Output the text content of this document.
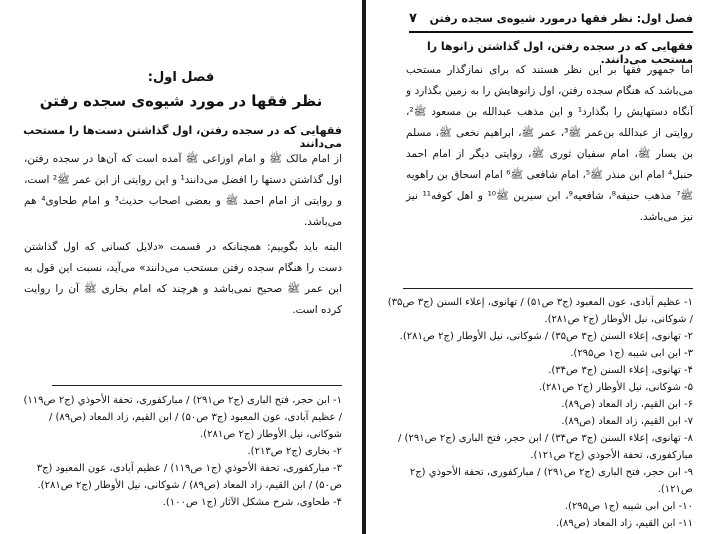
فصل اول:
نظر فقها در مورد شیوه‌ی سجده رفتن
فقهایی که در سجده رفتن، اول گذاشتن دست‌ها را مستحب می‌دانند

از امام مالک ﷺ و امام اوزاعی ﷺ آمده است که آن‌ها در سجده رفتن، اول گذاشتن دستها را افضل می‌دانند¹ و این روایتی از ابن عمر ﷺ² است، و روایتی از امام احمد ﷺ و بعضی اصحاب حدیث³ و امام طحاوی⁴ هم می‌باشد.

البته باید بگوییم: همچنانکه در قسمت «دلایل کسانی که اول گذاشتن دست را هنگام سجده رفتن مستحب می‌دانند» می‌آید، نسبت این قول به ابن عمر ﷺ صحیح نمی‌باشد و هرچند که امام بخاری ﷺ آن را روایت کرده است.

۱- ابن حجر، فتح الباری (ج۲ ص۲۹۱) / مبارکفوری، تحفة الأحوذي (ج۲ ص۱۱۹) / عظیم آبادی، عون المعبود (ج۳ ص۵۰) / ابن القیم، زاد المعاد (ص۸۹) / شوکانی، نیل الأوطار (ج۲ ص۲۸۱).

۲- بخاری (ج۲ ص۲۱۳).

۳- مبارکفوری، تحفة الأحوذي (ج۱ ص۱۱۹) / عظیم آبادی، عون المعبود (ج۳ ص۵۰) / ابن القیم، زاد المعاد (ص۸۹) / شوکانی، نیل الأوطار (ج۲ ص۲۸۱).

۴- طحاوی، شرح مشکل الآثار (ج۱ ص۱۰۰).

فصل اول: نظر فقها درمورد شیوه‌ی سجده رفتن
۷
فقهایی که در سجده رفتن، اول گذاشتن زانوها را مستحب می‌دانند.

اما جمهور فقها بر این نظر هستند که برای نمازگذار مستحب می‌باشد که هنگام سجده رفتن، اول زانوهایش را به زمین بگذارد و آنگاه دستهایش را بگذارد¹ و این مذهب عبدالله بن مسعود ﷺ²، روایتی از عبدالله بن‌عمر ﷺ³، عمر ﷺ، ابراهیم نخعی ﷺ، مسلم بن یسار ﷺ، امام سفیان ثوری ﷺ، روایتی دیگر از امام احمد حنبل⁴ امام ابن منذر ﷺ⁵، امام شافعی ﷺ⁶ امام اسحاق بن راهویه ﷺ⁷ مذهب حنیفه⁸، شافعیه⁹، ابن سیرین ﷺ¹⁰ و اهل کوفه¹¹ نیز نیز می‌باشد.

۱- عظیم آبادی، عون المعبود (ج۳ ص۵۱) / تهانوی، إعلاء السنن (ج۳ ص۳۵) / شوکانی، نیل الأوطار (ج۲ ص۲۸۱).

۲- تهانوی، إعلاء السنن (ج۳ ص۳۵) / شوکانی، نیل الأوطار (ج۲ ص۲۸۱).

۳- ابن ابی شیبه (ج۱ ص۲۹۵).

۴- تهانوی، إعلاء السنن (ج۳ ص۳۴).

۵- شوکانی، نیل الأوطار (ج۲ ص۲۸۱).

۶- ابن القیم، زاد المعاد (ص۸۹).

۷- ابن القیم، زاد المعاد (ص۸۹).

۸- تهانوی، إعلاء السنن (ج۳ ص۳۴) / ابن حجر، فتح الباری (ج۲ ص۲۹۱) / مبارکفوری، تحفة الأحوذي (ج۲ ص۱۲۱).

۹- ابن حجر، فتح الباری (ج۲ ص۲۹۱) / مبارکفوری، تحفة الأحوذي (ج۲ ص۱۲۱).

۱۰- ابن ابی شیبه (ج۱ ص۲۹۵).

۱۱- ابن القیم، زاد المعاد (ص۸۹).
